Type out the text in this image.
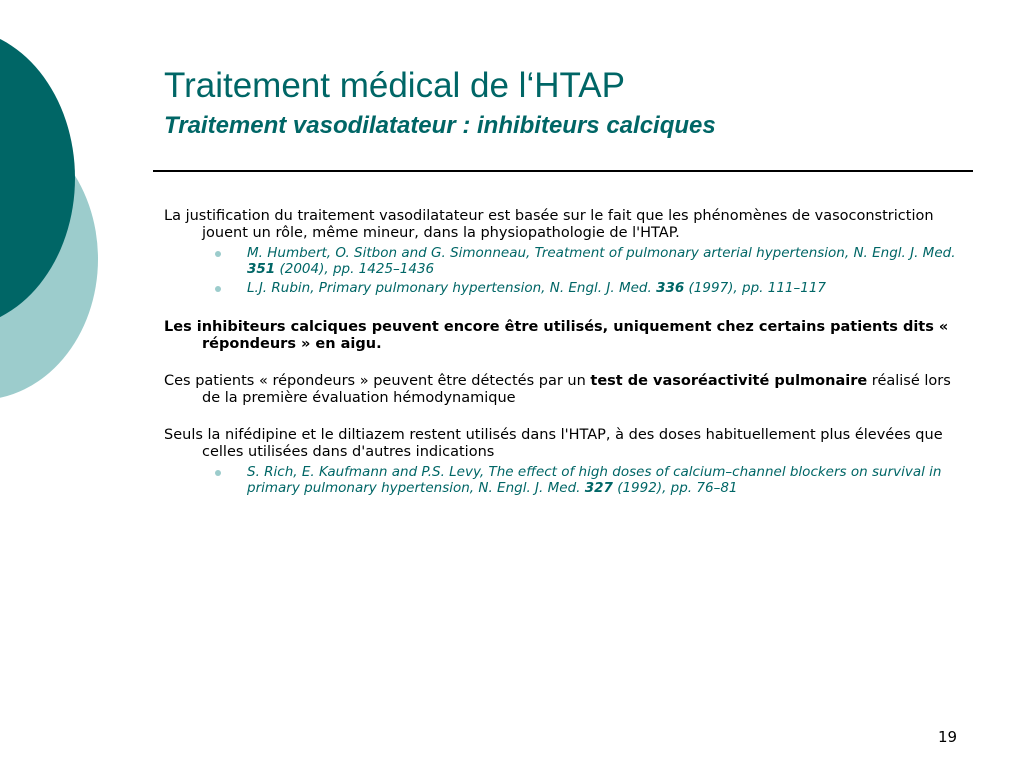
Traitement médical de l‘HTAP
Traitement vasodilatateur : inhibiteurs calciques

La justification du traitement vasodilatateur est basée sur le fait que les phénomènes de vasoconstriction jouent un rôle, même mineur, dans la physiopathologie de l'HTAP.

M. Humbert, O. Sitbon and G. Simonneau, Treatment of pulmonary arterial hypertension, N. Engl. J. Med. 351 (2004), pp. 1425–1436
L.J. Rubin, Primary pulmonary hypertension, N. Engl. J. Med. 336 (1997), pp. 111–117

Les inhibiteurs calciques peuvent encore être utilisés, uniquement chez certains patients dits « répondeurs » en aigu.

Ces patients « répondeurs » peuvent être détectés par un test de vasoréactivité pulmonaire réalisé lors de la première évaluation hémodynamique

Seuls la nifédipine et le diltiazem restent utilisés dans l'HTAP, à des doses habituellement plus élevées que celles utilisées dans d'autres indications

S. Rich, E. Kaufmann and P.S. Levy, The effect of high doses of calcium–channel blockers on survival in primary pulmonary hypertension, N. Engl. J. Med. 327 (1992), pp. 76–81
19
